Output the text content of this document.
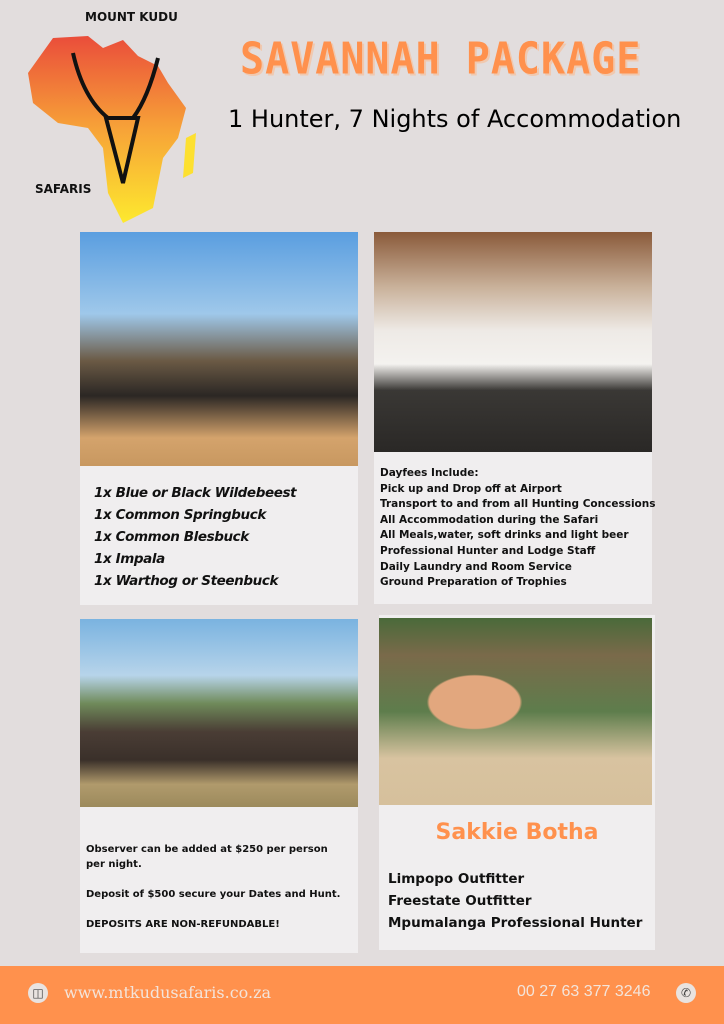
MOUNT KUDU
SAFARIS
SAVANNAH PACKAGE
1 Hunter, 7 Nights of Accommodation
1x Blue or Black Wildebeest
1x Common Springbuck
1x Common Blesbuck
1x Impala
1x Warthog or Steenbuck
Dayfees Include:
Pick up and Drop off at Airport
Transport to and from all Hunting Concessions
All Accommodation during the Safari
All Meals,water, soft drinks and light beer
Professional Hunter and Lodge Staff
Daily Laundry and Room Service
Ground Preparation of Trophies

Observer can be added at $250 per person per night.

Deposit of $500 secure your Dates and Hunt.

DEPOSITS ARE NON-REFUNDABLE!

Sakkie Botha
Limpopo Outfitter
Freestate Outfitter
Mpumalanga Professional Hunter
◫ www.mtkudusafaris.co.za	00 27 63 377 3246	✆
